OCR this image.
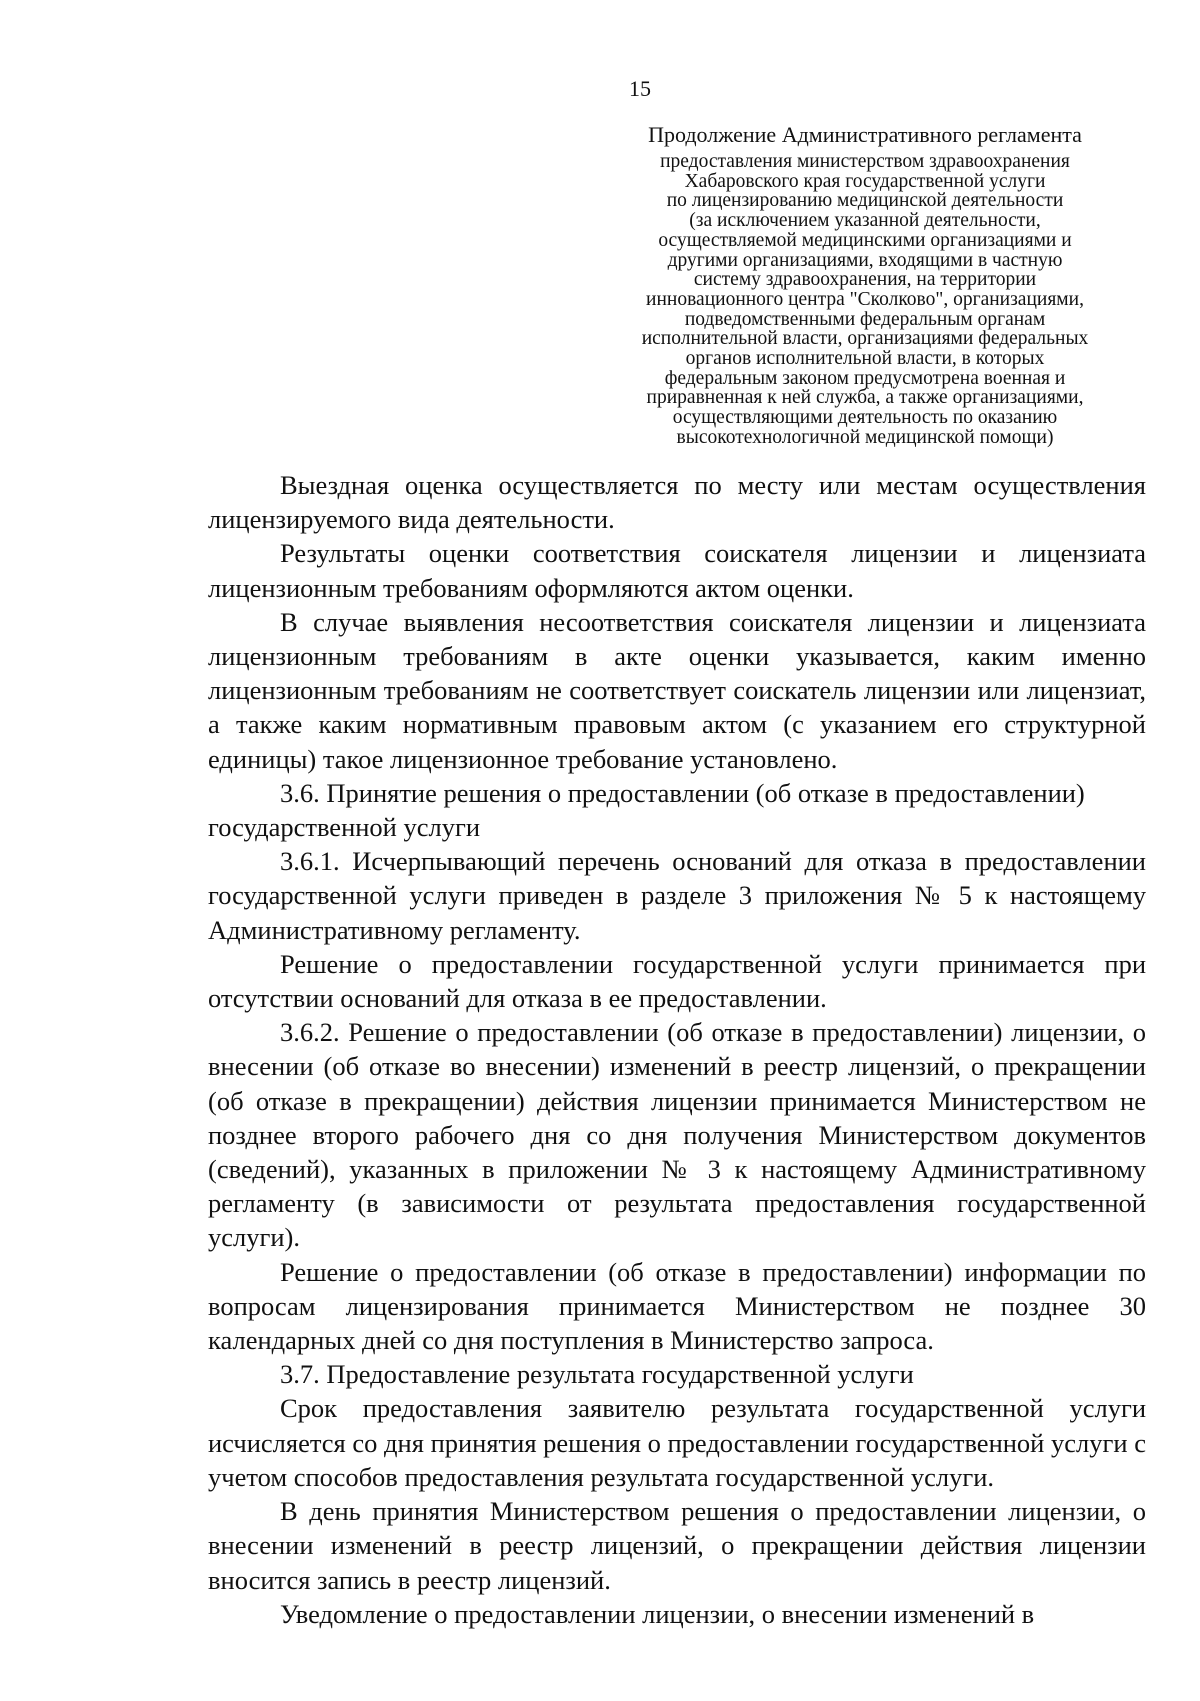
15
Продолжение Административного регламента
предоставления министерством здравоохранения
Хабаровского края государственной услуги
по лицензированию медицинской деятельности
(за исключением указанной деятельности,
осуществляемой медицинскими организациями и
другими организациями, входящими в частную
систему здравоохранения, на территории
инновационного центра "Сколково", организациями,
подведомственными федеральным органам
исполнительной власти, организациями федеральных
органов исполнительной власти, в которых
федеральным законом предусмотрена военная и
приравненная к ней служба, а также организациями,
осуществляющими деятельность по оказанию
высокотехнологичной медицинской помощи)

Выездная оценка осуществляется по месту или местам осуществления лицензируемого вида деятельности.

Результаты оценки соответствия соискателя лицензии и лицензиата лицензионным требованиям оформляются актом оценки.

В случае выявления несоответствия соискателя лицензии и лицензиата лицензионным требованиям в акте оценки указывается, каким именно лицензионным требованиям не соответствует соискатель лицензии или лицензиат, а также каким нормативным правовым актом (с указанием его структурной единицы) такое лицензионное требование установлено.

3.6. Принятие решения о предоставлении (об отказе в предоставлении) государственной услуги

3.6.1. Исчерпывающий перечень оснований для отказа в предоставлении государственной услуги приведен в разделе 3 приложения № 5 к настоящему Административному регламенту.

Решение о предоставлении государственной услуги принимается при отсутствии оснований для отказа в ее предоставлении.

3.6.2. Решение о предоставлении (об отказе в предоставлении) лицензии, о внесении (об отказе во внесении) изменений в реестр лицензий, о прекращении (об отказе в прекращении) действия лицензии принимается Министерством не позднее второго рабочего дня со дня получения Министерством документов (сведений), указанных в приложении № 3 к настоящему Административному регламенту (в зависимости от результата предоставления государственной услуги).

Решение о предоставлении (об отказе в предоставлении) информации по вопросам лицензирования принимается Министерством не позднее 30 календарных дней со дня поступления в Министерство запроса.

3.7. Предоставление результата государственной услуги

Срок предоставления заявителю результата государственной услуги исчисляется со дня принятия решения о предоставлении государственной услуги с учетом способов предоставления результата государственной услуги.

В день принятия Министерством решения о предоставлении лицензии, о внесении изменений в реестр лицензий, о прекращении действия лицензии вносится запись в реестр лицензий.

Уведомление о предоставлении лицензии, о внесении изменений в
